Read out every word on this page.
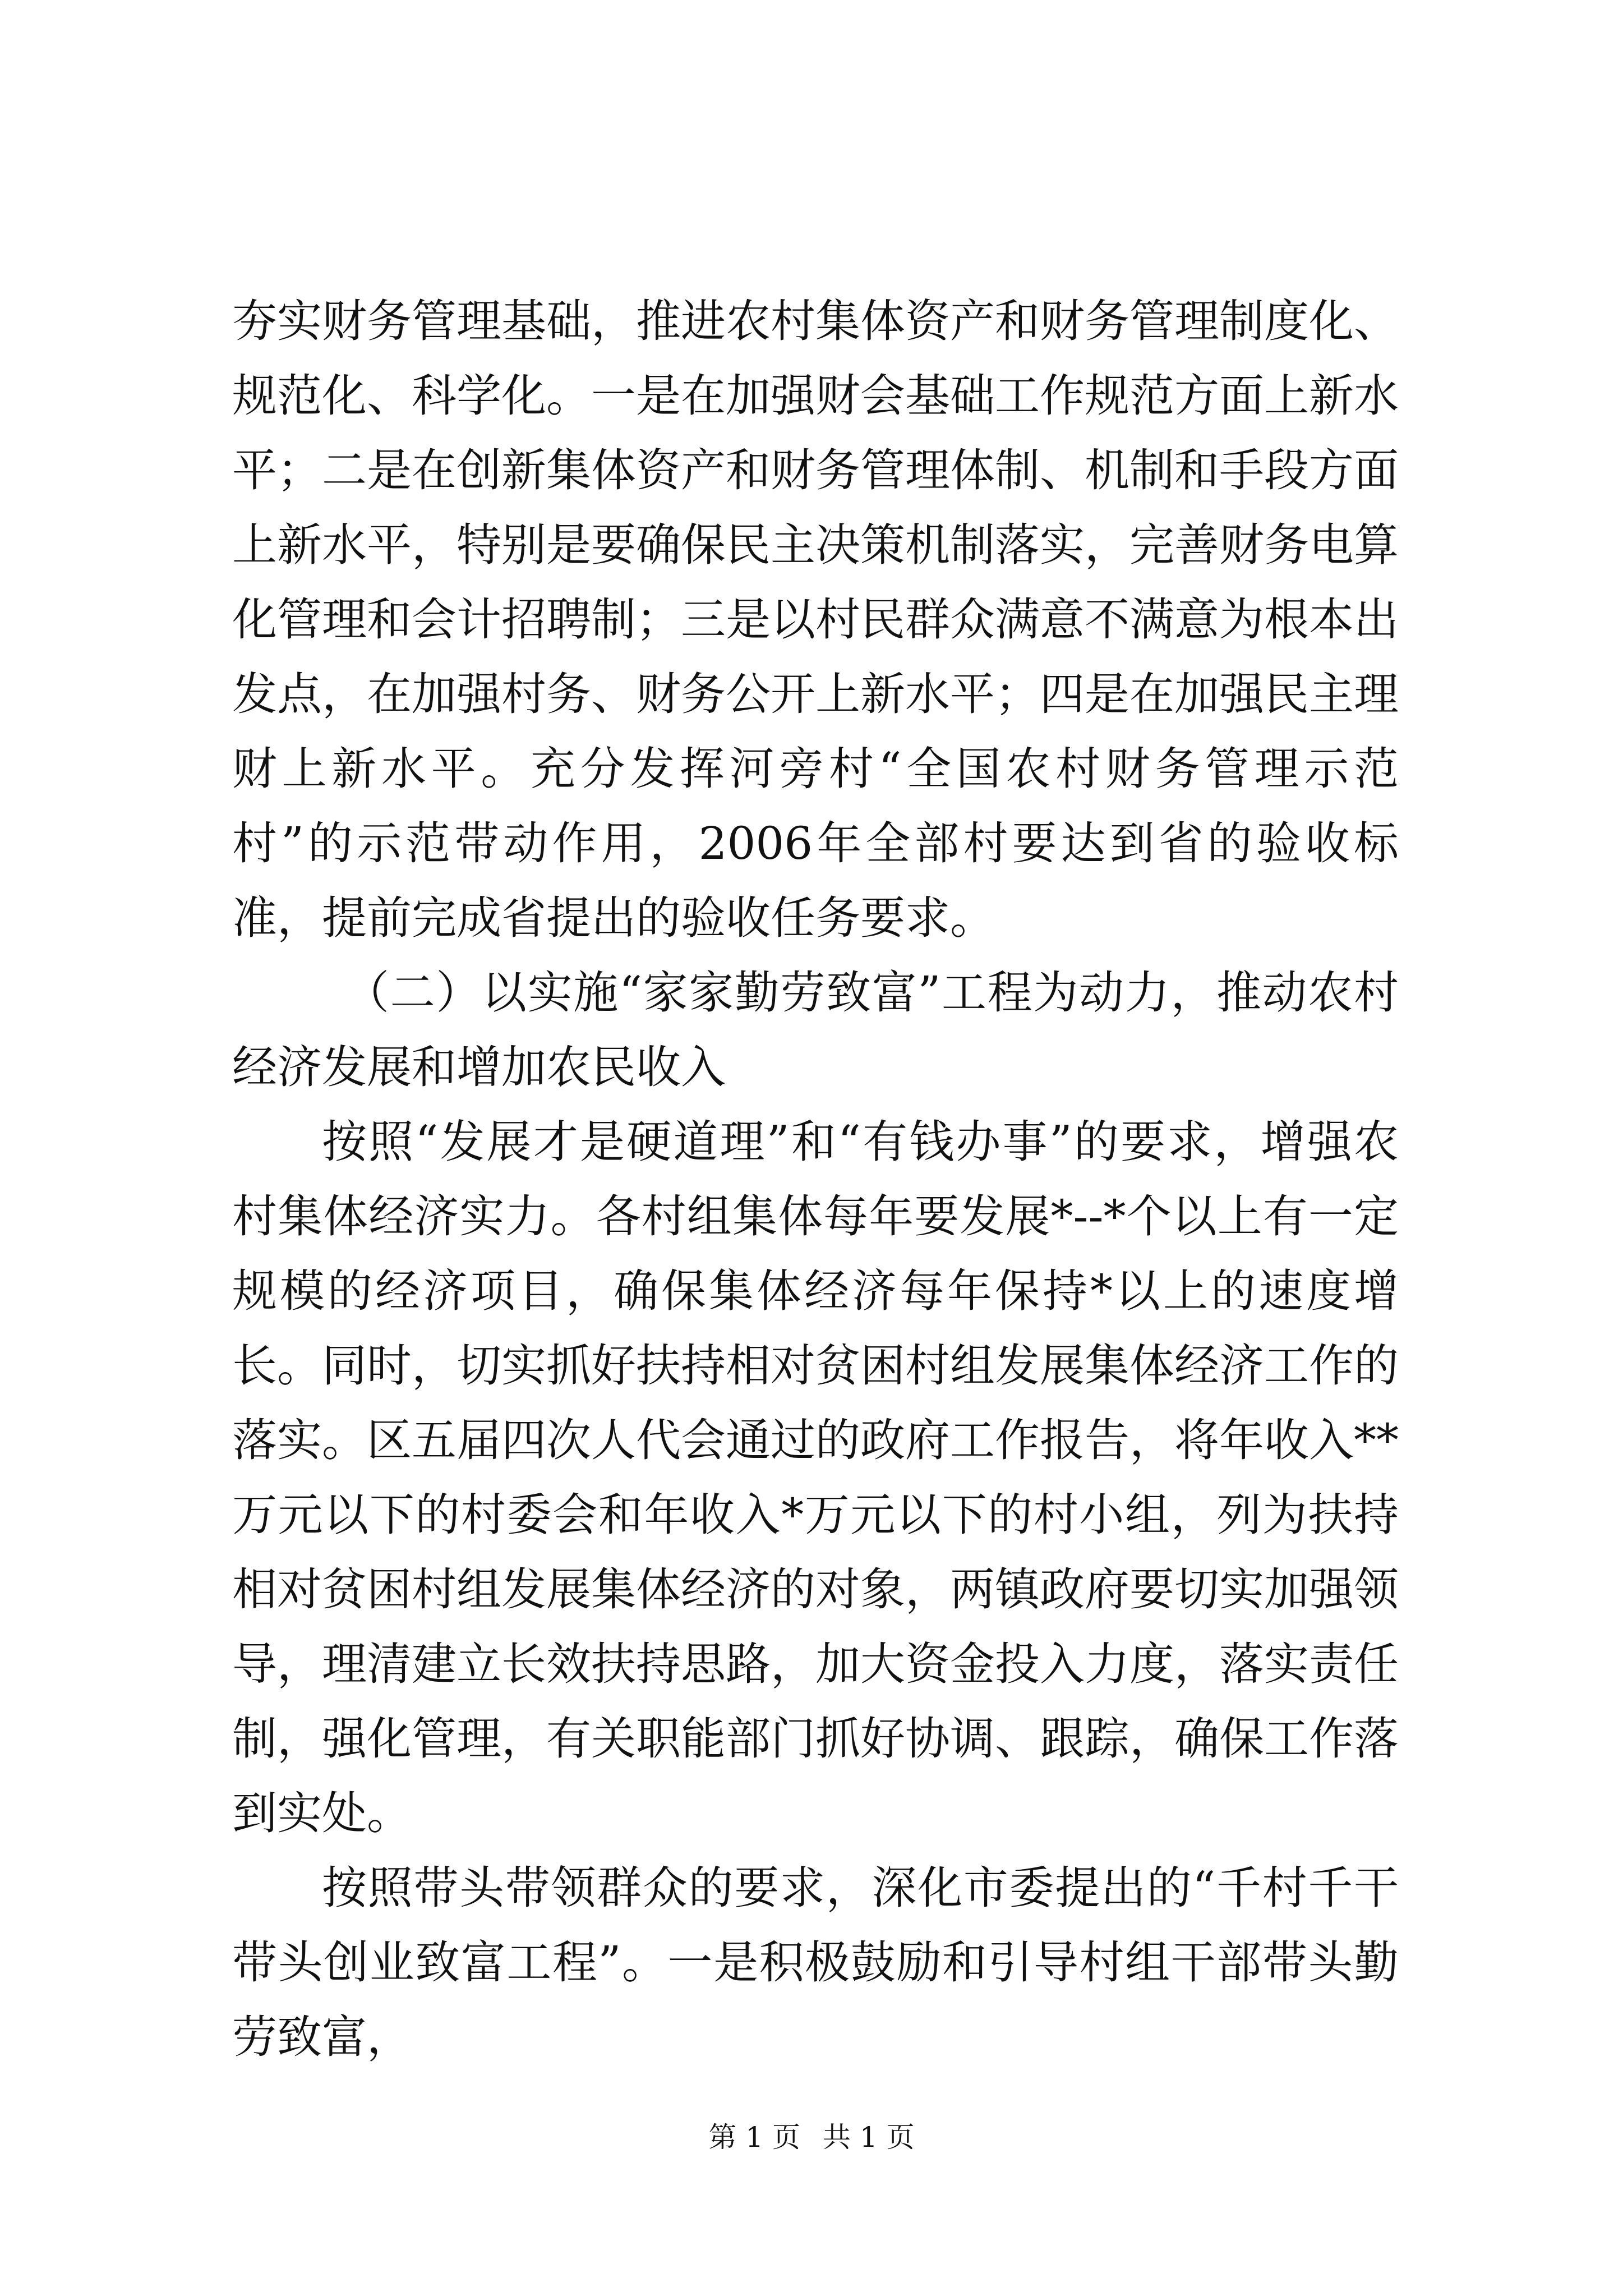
夯实财务管理基础，推进农村集体资产和财务管理制度化、规范化、科学化。一是在加强财会基础工作规范方面上新水平；二是在创新集体资产和财务管理体制、机制和手段方面上新水平，特别是要确保民主决策机制落实，完善财务电算化管理和会计招聘制；三是以村民群众满意不满意为根本出发点，在加强村务、财务公开上新水平；四是在加强民主理财上新水平。充分发挥河旁村“全国农村财务管理示范村”的示范带动作用，2006年全部村要达到省的验收标准，提前完成省提出的验收任务要求。

（二）以实施“家家勤劳致富”工程为动力，推动农村经济发展和增加农民收入

按照“发展才是硬道理”和“有钱办事”的要求，增强农村集体经济实力。各村组集体每年要发展*--*个以上有一定规模的经济项目，确保集体经济每年保持*以上的速度增长。同时，切实抓好扶持相对贫困村组发展集体经济工作的落实。区五届四次人代会通过的政府工作报告，将年收入**万元以下的村委会和年收入*万元以下的村小组，列为扶持相对贫困村组发展集体经济的对象，两镇政府要切实加强领导，理清建立长效扶持思路，加大资金投入力度，落实责任制，强化管理，有关职能部门抓好协调、跟踪，确保工作落到实处。

按照带头带领群众的要求，深化市委提出的“千村千干带头创业致富工程”。一是积极鼓励和引导村组干部带头勤劳致富，

第 1 页 共 1 页
